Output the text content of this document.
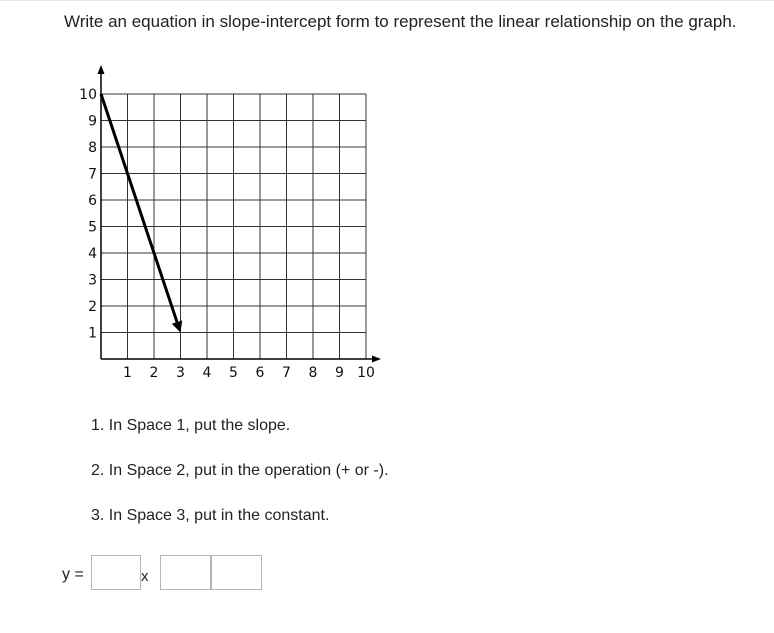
Write an equation in slope-intercept form to represent the linear relationship on the graph.
1 2 3 4 5 6 7 8 9 10
1
2
3
4
5
6
7
8
9
10
1. In Space 1, put the slope.
2. In Space 2, put in the operation (+ or -).
3. In Space 3, put in the constant.
y =	x
